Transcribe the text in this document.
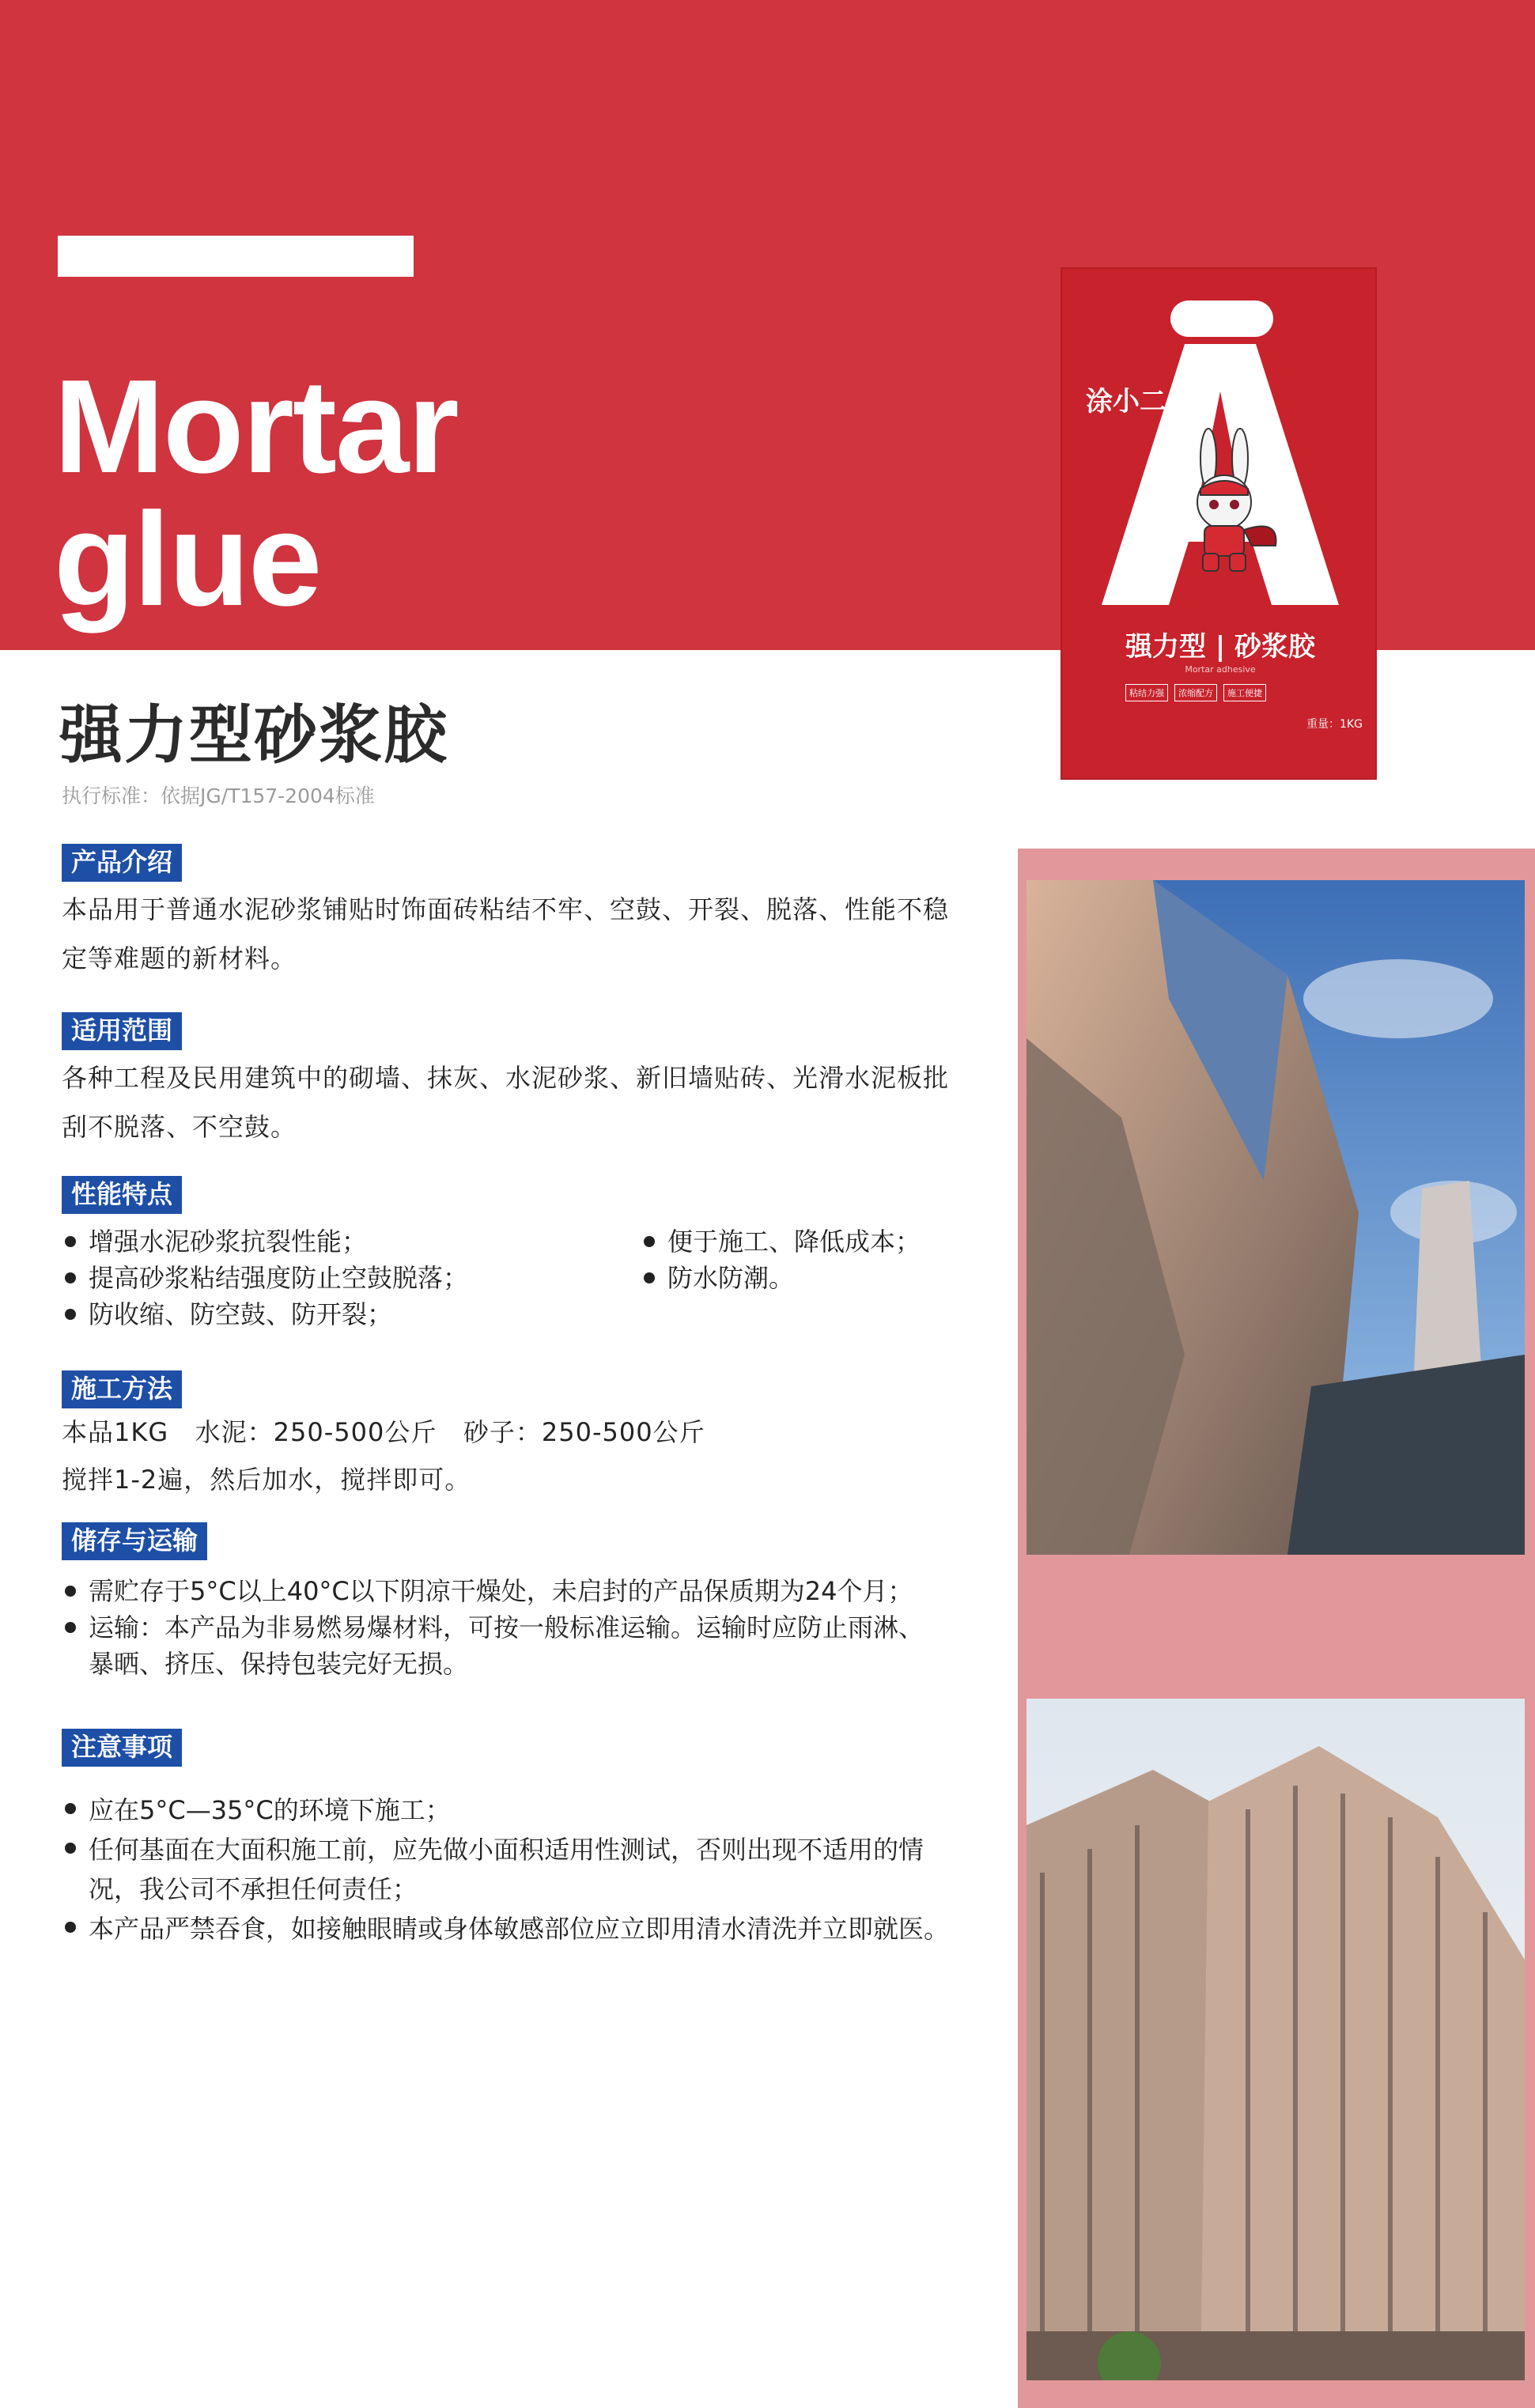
Mortar
glue
强力型砂浆胶
执行标准：依据JG/T157-2004标准
涂小二
强力型 | 砂浆胶
Mortar adhesive
粘结力强	浓缩配方	施工便捷
重量：1KG
产品介绍
本品用于普通水泥砂浆铺贴时饰面砖粘结不牢、空鼓、开裂、脱落、性能不稳定等难题的新材料。
适用范围
各种工程及民用建筑中的砌墙、抹灰、水泥砂浆、新旧墙贴砖、光滑水泥板批刮不脱落、不空鼓。
性能特点
增强水泥砂浆抗裂性能；
提高砂浆粘结强度防止空鼓脱落；
防收缩、防空鼓、防开裂；
便于施工、降低成本；
防水防潮。
施工方法
本品1KG   水泥：250-500公斤   砂子：250-500公斤
搅拌1-2遍，然后加水，搅拌即可。
储存与运输
需贮存于5°C以上40°C以下阴凉干燥处，未启封的产品保质期为24个月；
运输：本产品为非易燃易爆材料，可按一般标准运输。运输时应防止雨淋、暴晒、挤压、保持包装完好无损。
注意事项
应在5°C—35°C的环境下施工；
任何基面在大面积施工前，应先做小面积适用性测试，否则出现不适用的情况，我公司不承担任何责任；
本产品严禁吞食，如接触眼睛或身体敏感部位应立即用清水清洗并立即就医。
